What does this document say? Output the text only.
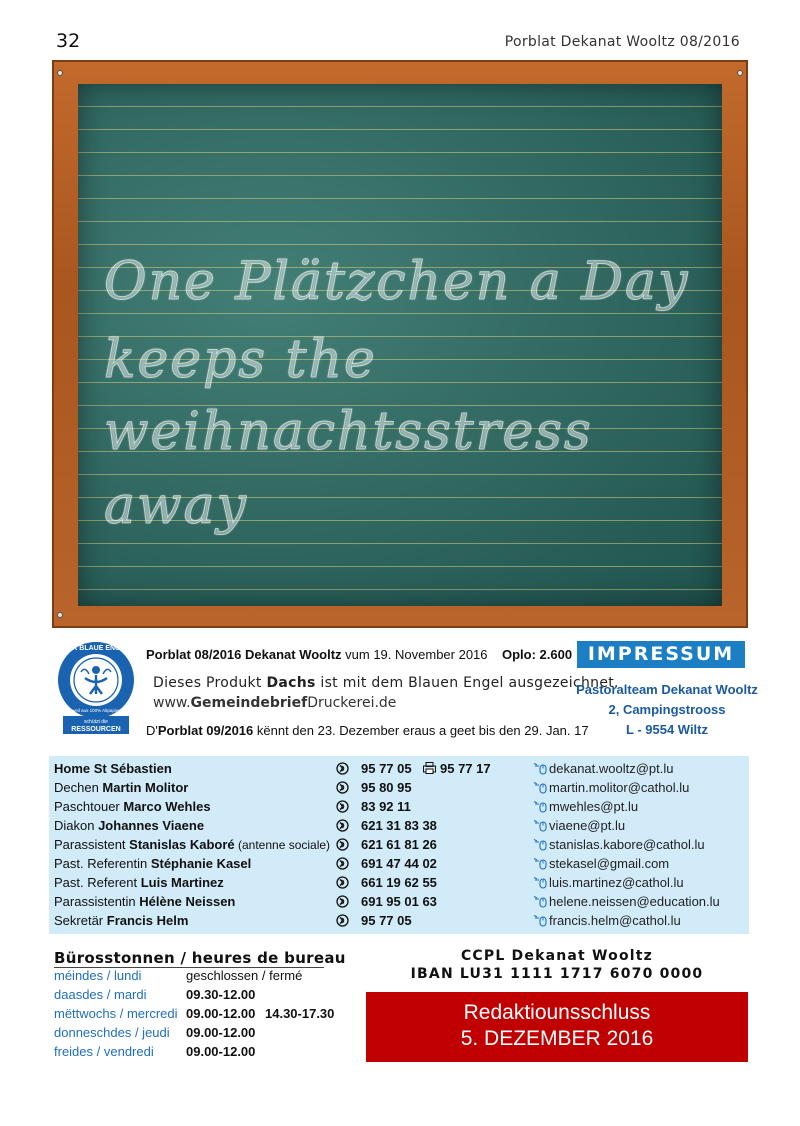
32	Porblat Dekanat Wooltz 08/2016
One Plätzchen a Day
keeps the
weihnachtsstress
away
DER BLAUE ENGEL
weil aus 100% Altpapier
schützt die
RESSOURCEN
Porblat 08/2016 Dekanat Wooltz vum 19. November 2016 Oplo: 2.600 IMPRESSUM
Dieses Produkt Dachs ist mit dem Blauen Engel ausgezeichnet.
www.GemeindebriefDruckerei.de
D'Porblat 09/2016 kënnt den 23. Dezember eraus a geet bis den 29. Jan. 17
Pastoralteam Dekanat Wooltz
2, Campingstrooss
L - 9554 Wiltz
Home St Sébastien	95 77 05 95 77 17	dekanat.wooltz@pt.lu
Dechen Martin Molitor	95 80 95	martin.molitor@cathol.lu
Paschtouer Marco Wehles	83 92 11	mwehles@pt.lu
Diakon Johannes Viaene	621 31 83 38	viaene@pt.lu
Parassistent Stanislas Kaboré (antenne sociale) 621 61 81 26	stanislas.kabore@cathol.lu
Past. Referentin Stéphanie Kasel	691 47 44 02	stekasel@gmail.com
Past. Referent Luis Martinez	661 19 62 55	luis.martinez@cathol.lu
Parassistentin Hélène Neissen	691 95 01 63	helene.neissen@education.lu
Sekretär Francis Helm	95 77 05	francis.helm@cathol.lu
Bürosstonnen / heures de bureau
méindes / lundi	geschlossen / fermé
daasdes / mardi	09.30-12.00
mëttwochs / mercredi 09.00-12.00 14.30-17.30
donneschdes / jeudi 09.00-12.00
freides / vendredi 09.00-12.00
CCPL Dekanat Wooltz
IBAN LU31 1111 1717 6070 0000
Redaktiounsschluss
5. DEZEMBER 2016
